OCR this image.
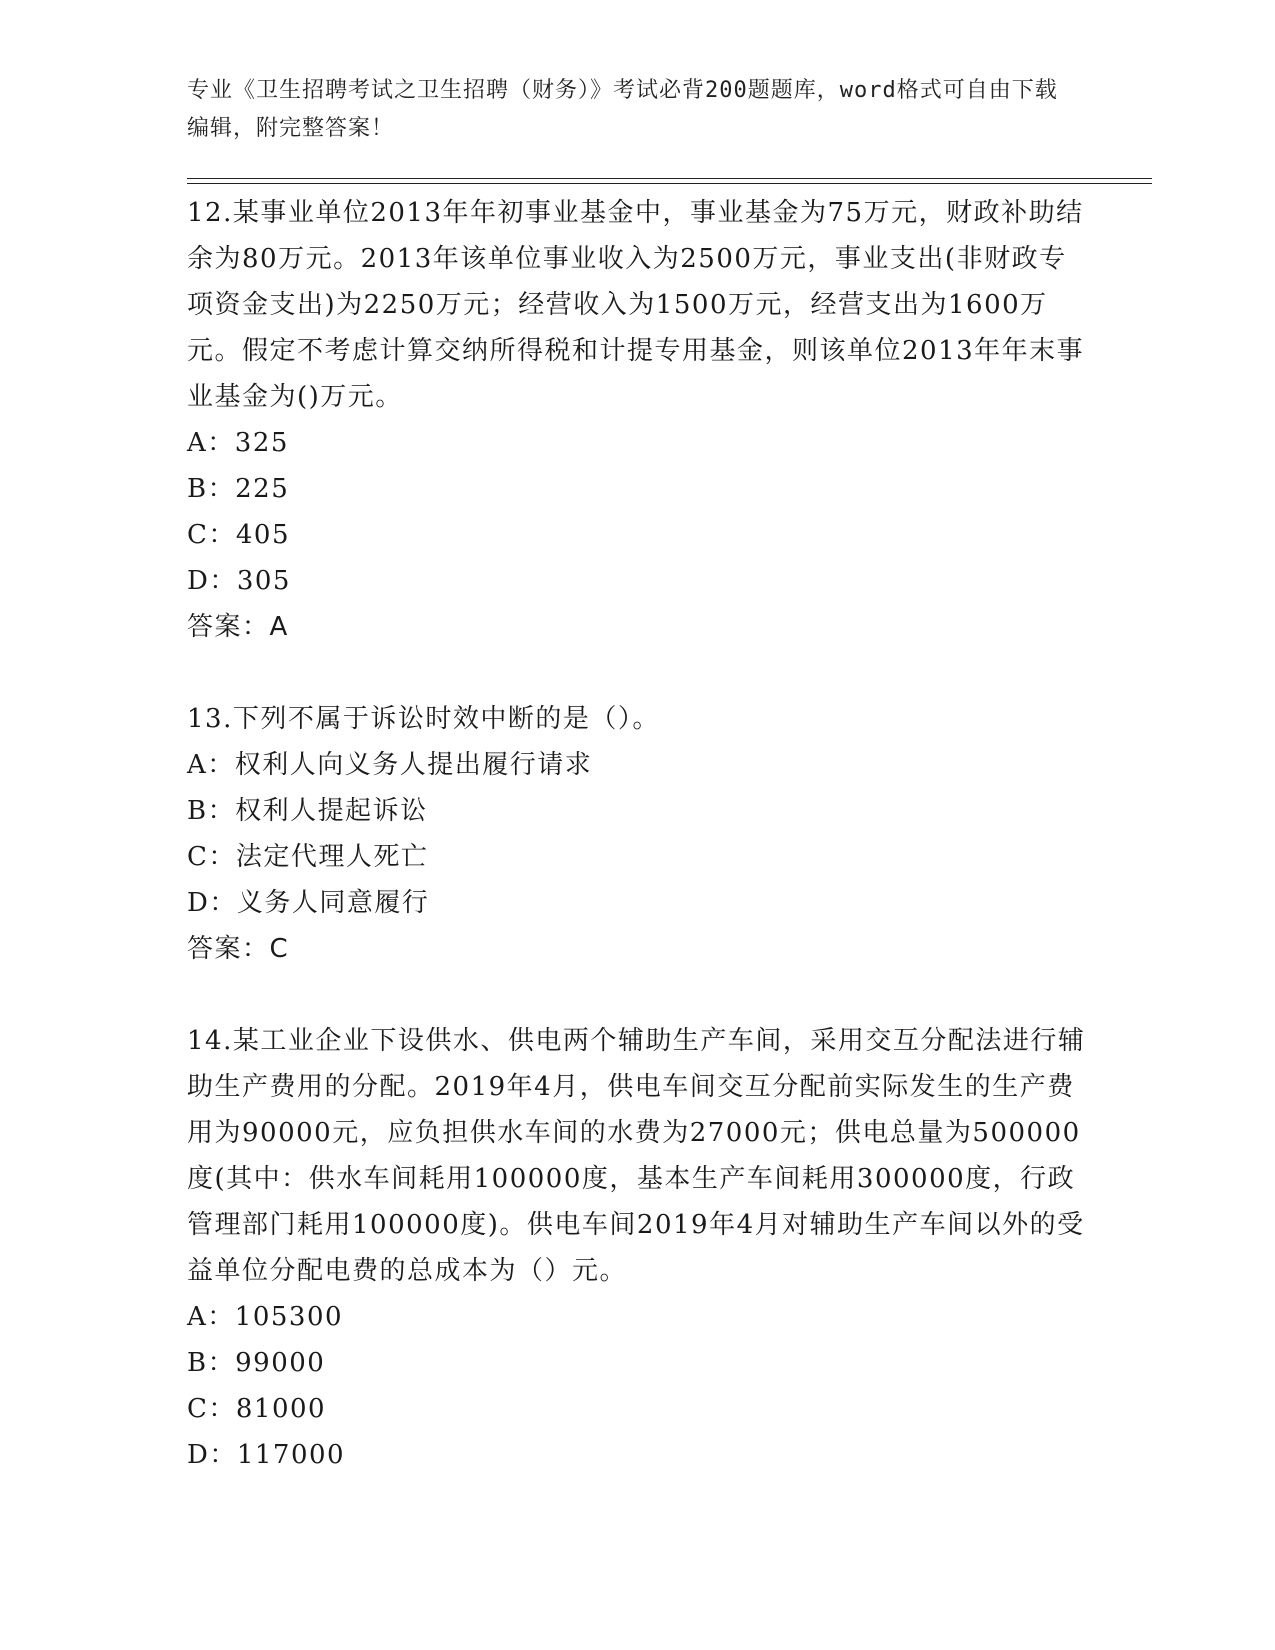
专业《卫生招聘考试之卫生招聘（财务）》考试必背200题题库，word格式可自由下载编辑，附完整答案！

12.某事业单位2013年年初事业基金中，事业基金为75万元，财政补助结余为80万元。2013年该单位事业收入为2500万元，事业支出(非财政专项资金支出)为2250万元；经营收入为1500万元，经营支出为1600万元。假定不考虑计算交纳所得税和计提专用基金，则该单位2013年年末事业基金为()万元。

A：325

B：225

C：405

D：305

答案：A

13.下列不属于诉讼时效中断的是（）。

A：权利人向义务人提出履行请求

B：权利人提起诉讼

C：法定代理人死亡

D：义务人同意履行

答案：C

14.某工业企业下设供水、供电两个辅助生产车间，采用交互分配法进行辅助生产费用的分配。2019年4月，供电车间交互分配前实际发生的生产费用为90000元，应负担供水车间的水费为27000元；供电总量为500000度(其中：供水车间耗用100000度，基本生产车间耗用300000度，行政管理部门耗用100000度)。供电车间2019年4月对辅助生产车间以外的受益单位分配电费的总成本为（）元。

A：105300

B：99000

C：81000

D：117000
